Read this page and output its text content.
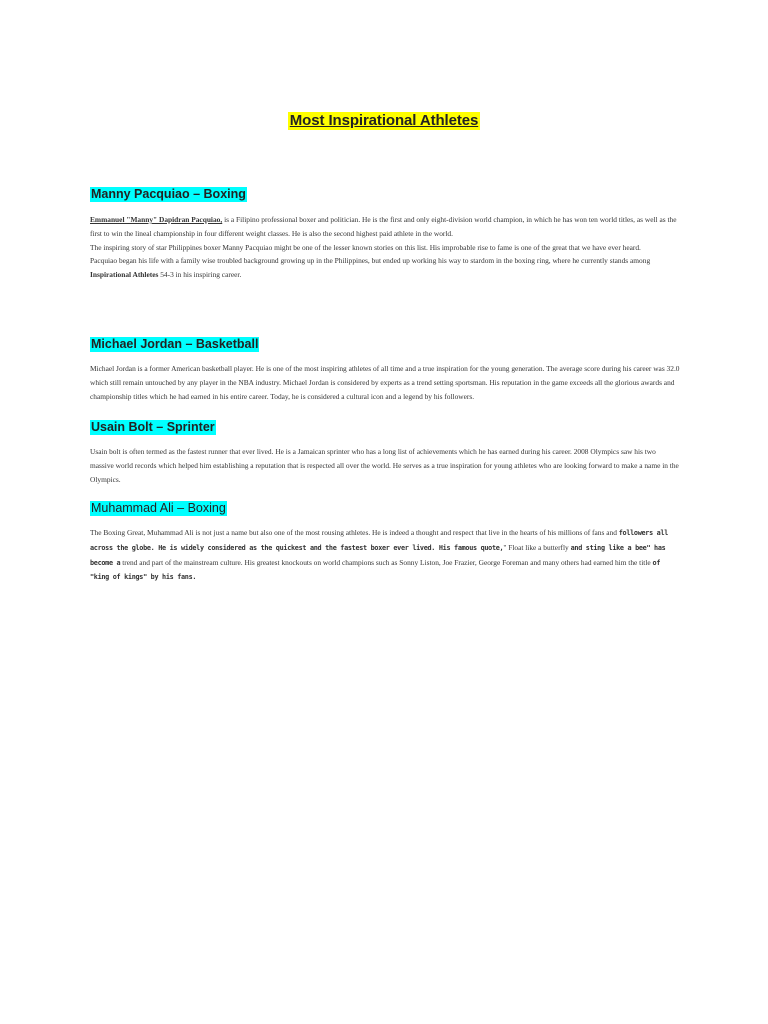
Most Inspirational Athletes
Manny Pacquiao – Boxing

Emmanuel "Manny" Dapidran Pacquiao, is a Filipino professional boxer and politician. He is the first and only eight-division world champion, in which he has won ten world titles, as well as the first to win the lineal championship in four different weight classes. He is also the second highest paid athlete in the world.

The inspiring story of star Philippines boxer Manny Pacquiao might be one of the lesser known stories on this list. His improbable rise to fame is one of the great that we have ever heard.

Pacquiao began his life with a family wise troubled background growing up in the Philippines, but ended up working his way to stardom in the boxing ring, where he currently stands among Inspirational Athletes 54-3 in his inspiring career.

Michael Jordan – Basketball

Michael Jordan is a former American basketball player. He is one of the most inspiring athletes of all time and a true inspiration for the young generation. The average score during his career was 32.0 which still remain untouched by any player in the NBA industry. Michael Jordan is considered by experts as a trend setting sportsman. His reputation in the game exceeds all the glorious awards and championship titles which he had earned in his entire career. Today, he is considered a cultural icon and a legend by his followers.

Usain Bolt – Sprinter

Usain bolt is often termed as the fastest runner that ever lived. He is a Jamaican sprinter who has a long list of achievements which he has earned during his career. 2008 Olympics saw his two massive world records which helped him establishing a reputation that is respected all over the world. He serves as a true inspiration for young athletes who are looking forward to make a name in the Olympics.

Muhammad Ali – Boxing

The Boxing Great, Muhammad Ali is not just a name but also one of the most rousing athletes. He is indeed a thought and respect that live in the hearts of his millions of fans and followers all across the globe. He is widely considered as the quickest and the fastest boxer ever lived. His famous quote," Float like a butterfly and sting like a bee" has become a trend and part of the mainstream culture. His greatest knockouts on world champions such as Sonny Liston, Joe Frazier, George Foreman and many others had earned him the title of "king of kings" by his fans.
